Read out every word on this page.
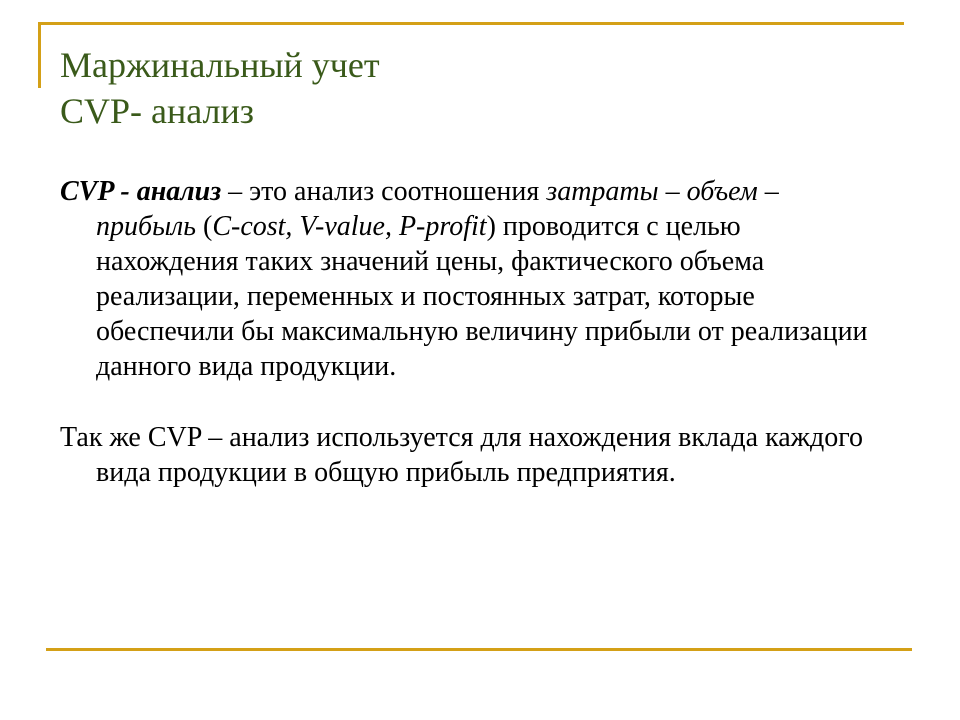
Маржинальный учет
CVP- анализ

CVP - анализ – это анализ соотношения затраты – объем – прибыль (C-cost, V-value, P-profit) проводится с целью нахождения таких значений цены, фактического объема реализации, переменных и постоянных затрат, которые обеспечили бы максимальную величину прибыли от реализации данного вида продукции.

Так же CVP – анализ используется для нахождения вклада каждого вида продукции в общую прибыль предприятия.
